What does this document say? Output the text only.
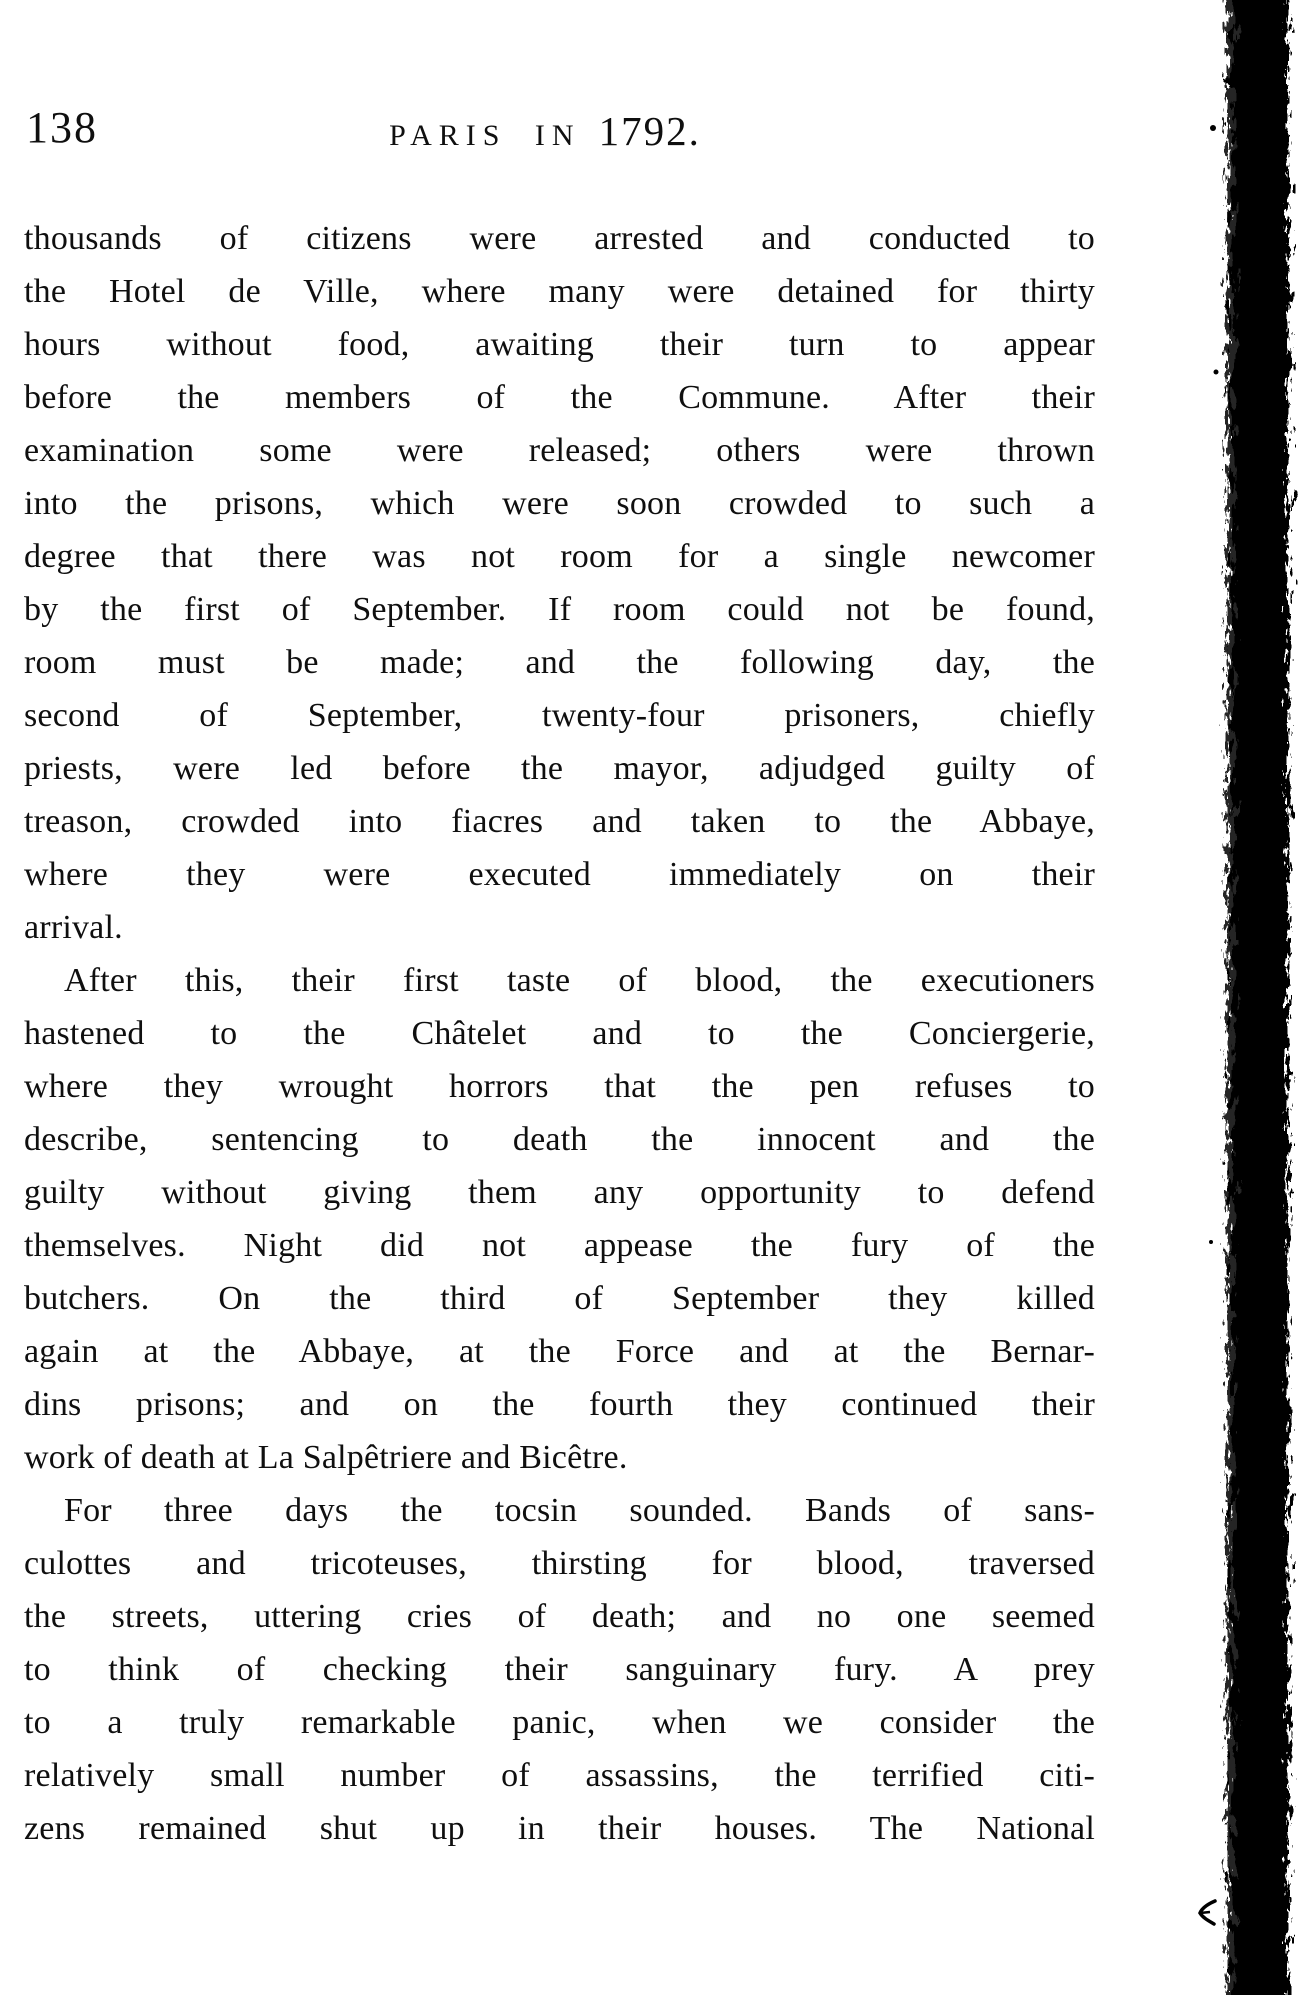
138	PARIS IN 1792.
thousands of citizens were arrested and conducted to
the Hotel de Ville, where many were detained for thirty
hours without food, awaiting their turn to appear
before the members of the Commune. After their
examination some were released; others were thrown
into the prisons, which were soon crowded to such a
degree that there was not room for a single newcomer
by the first of September. If room could not be found,
room must be made; and the following day, the
second of September, twenty-four prisoners, chiefly
priests, were led before the mayor, adjudged guilty of
treason, crowded into fiacres and taken to the Abbaye,
where they were executed immediately on their
arrival.
After this, their first taste of blood, the executioners
hastened to the Châtelet and to the Conciergerie,
where they wrought horrors that the pen refuses to
describe, sentencing to death the innocent and the
guilty without giving them any opportunity to defend
themselves. Night did not appease the fury of the
butchers. On the third of September they killed
again at the Abbaye, at the Force and at the Bernar-
dins prisons; and on the fourth they continued their
work of death at La Salpêtriere and Bicêtre.
For three days the tocsin sounded. Bands of sans-
culottes and tricoteuses, thirsting for blood, traversed
the streets, uttering cries of death; and no one seemed
to think of checking their sanguinary fury. A prey
to a truly remarkable panic, when we consider the
relatively small number of assassins, the terrified citi-
zens remained shut up in their houses. The National
